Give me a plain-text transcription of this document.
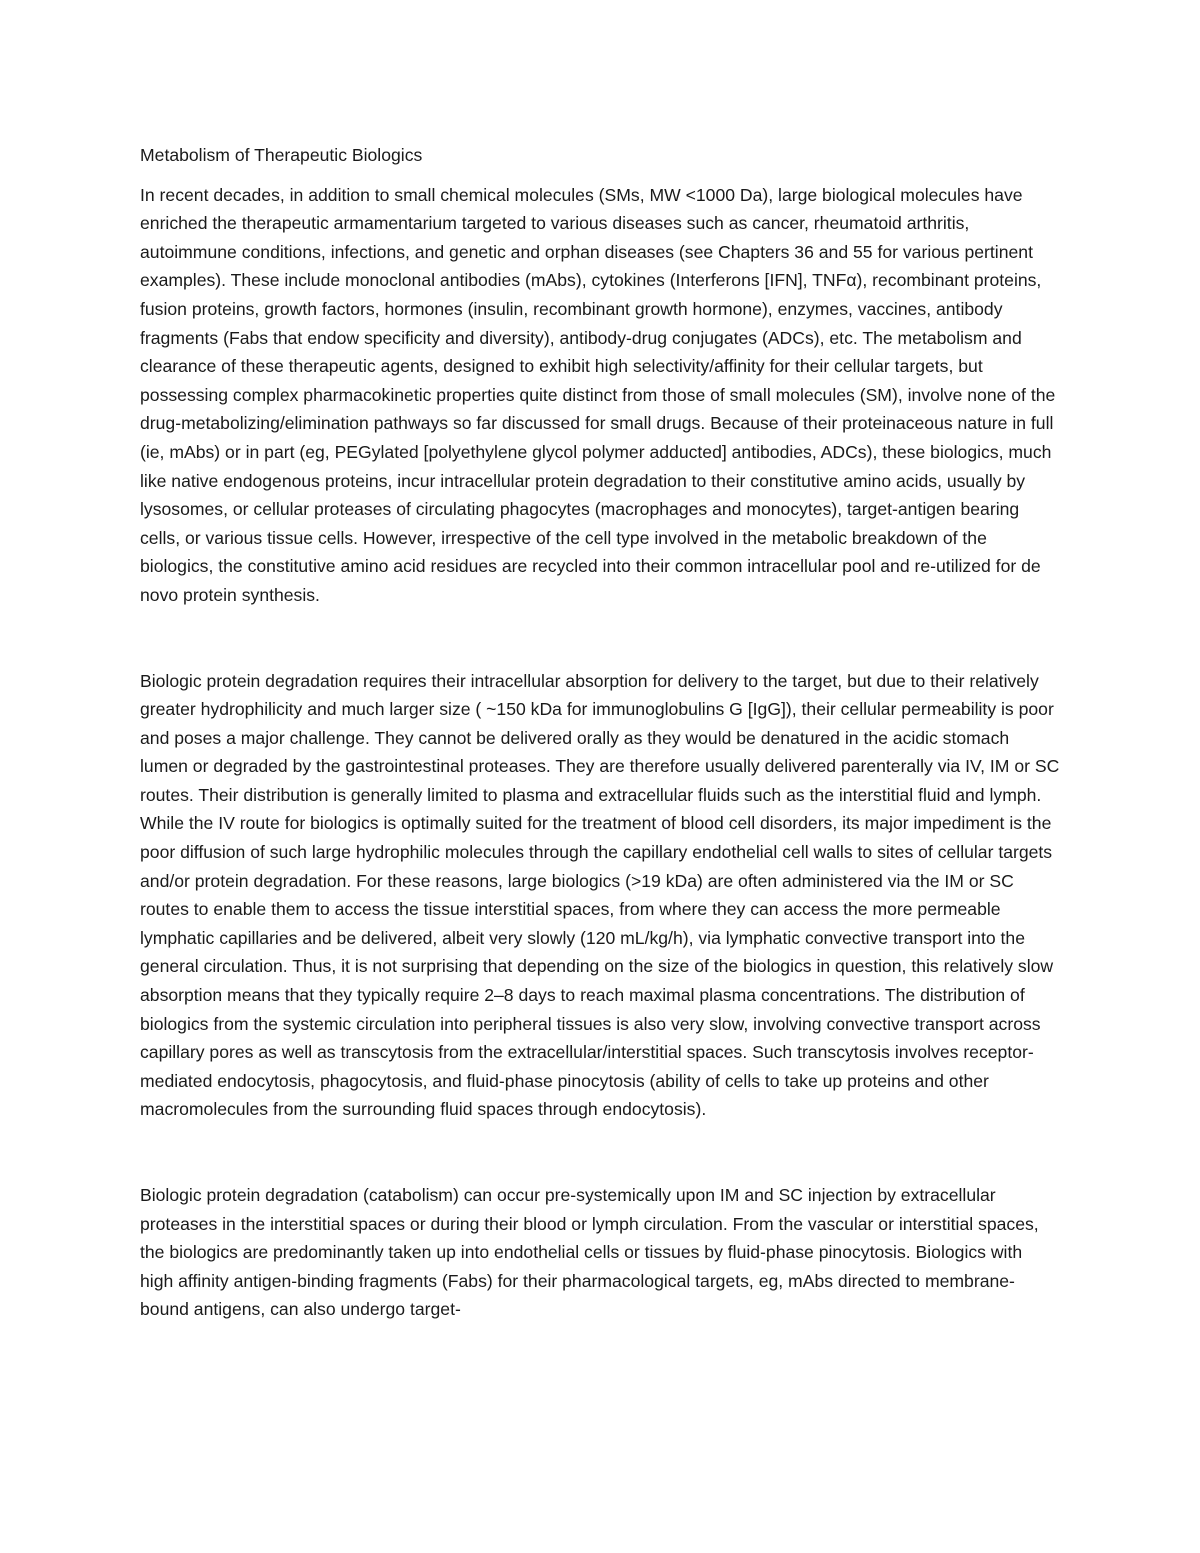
Metabolism of Therapeutic Biologics

In recent decades, in addition to small chemical molecules (SMs, MW <1000 Da), large biological molecules have enriched the therapeutic armamentarium targeted to various diseases such as cancer, rheumatoid arthritis, autoimmune conditions, infections, and genetic and orphan diseases (see Chapters 36 and 55 for various pertinent examples). These include monoclonal antibodies (mAbs), cytokines (Interferons [IFN], TNFα), recombinant proteins, fusion proteins, growth factors, hormones (insulin, recombinant growth hormone), enzymes, vaccines, antibody fragments (Fabs that endow specificity and diversity), antibody-drug conjugates (ADCs), etc. The metabolism and clearance of these therapeutic agents, designed to exhibit high selectivity/affinity for their cellular targets, but possessing complex pharmacokinetic properties quite distinct from those of small molecules (SM), involve none of the drug-metabolizing/elimination pathways so far discussed for small drugs. Because of their proteinaceous nature in full (ie, mAbs) or in part (eg, PEGylated [polyethylene glycol polymer adducted] antibodies, ADCs), these biologics, much like native endogenous proteins, incur intracellular protein degradation to their constitutive amino acids, usually by lysosomes, or cellular proteases of circulating phagocytes (macrophages and monocytes), target-antigen bearing cells, or various tissue cells. However, irrespective of the cell type involved in the metabolic breakdown of the biologics, the constitutive amino acid residues are recycled into their common intracellular pool and re-utilized for de novo protein synthesis.

Biologic protein degradation requires their intracellular absorption for delivery to the target, but due to their relatively greater hydrophilicity and much larger size ( ~150 kDa for immunoglobulins G [IgG]), their cellular permeability is poor and poses a major challenge. They cannot be delivered orally as they would be denatured in the acidic stomach lumen or degraded by the gastrointestinal proteases. They are therefore usually delivered parenterally via IV, IM or SC routes. Their distribution is generally limited to plasma and extracellular fluids such as the interstitial fluid and lymph. While the IV route for biologics is optimally suited for the treatment of blood cell disorders, its major impediment is the poor diffusion of such large hydrophilic molecules through the capillary endothelial cell walls to sites of cellular targets and/or protein degradation. For these reasons, large biologics (>19 kDa) are often administered via the IM or SC routes to enable them to access the tissue interstitial spaces, from where they can access the more permeable lymphatic capillaries and be delivered, albeit very slowly (120 mL/kg/h), via lymphatic convective transport into the general circulation. Thus, it is not surprising that depending on the size of the biologics in question, this relatively slow absorption means that they typically require 2–8 days to reach maximal plasma concentrations. The distribution of biologics from the systemic circulation into peripheral tissues is also very slow, involving convective transport across capillary pores as well as transcytosis from the extracellular/interstitial spaces. Such transcytosis involves receptor-mediated endocytosis, phagocytosis, and fluid-phase pinocytosis (ability of cells to take up proteins and other macromolecules from the surrounding fluid spaces through endocytosis).

Biologic protein degradation (catabolism) can occur pre-systemically upon IM and SC injection by extracellular proteases in the interstitial spaces or during their blood or lymph circulation. From the vascular or interstitial spaces, the biologics are predominantly taken up into endothelial cells or tissues by fluid-phase pinocytosis. Biologics with high affinity antigen-binding fragments (Fabs) for their pharmacological targets, eg, mAbs directed to membrane-bound antigens, can also undergo target-
